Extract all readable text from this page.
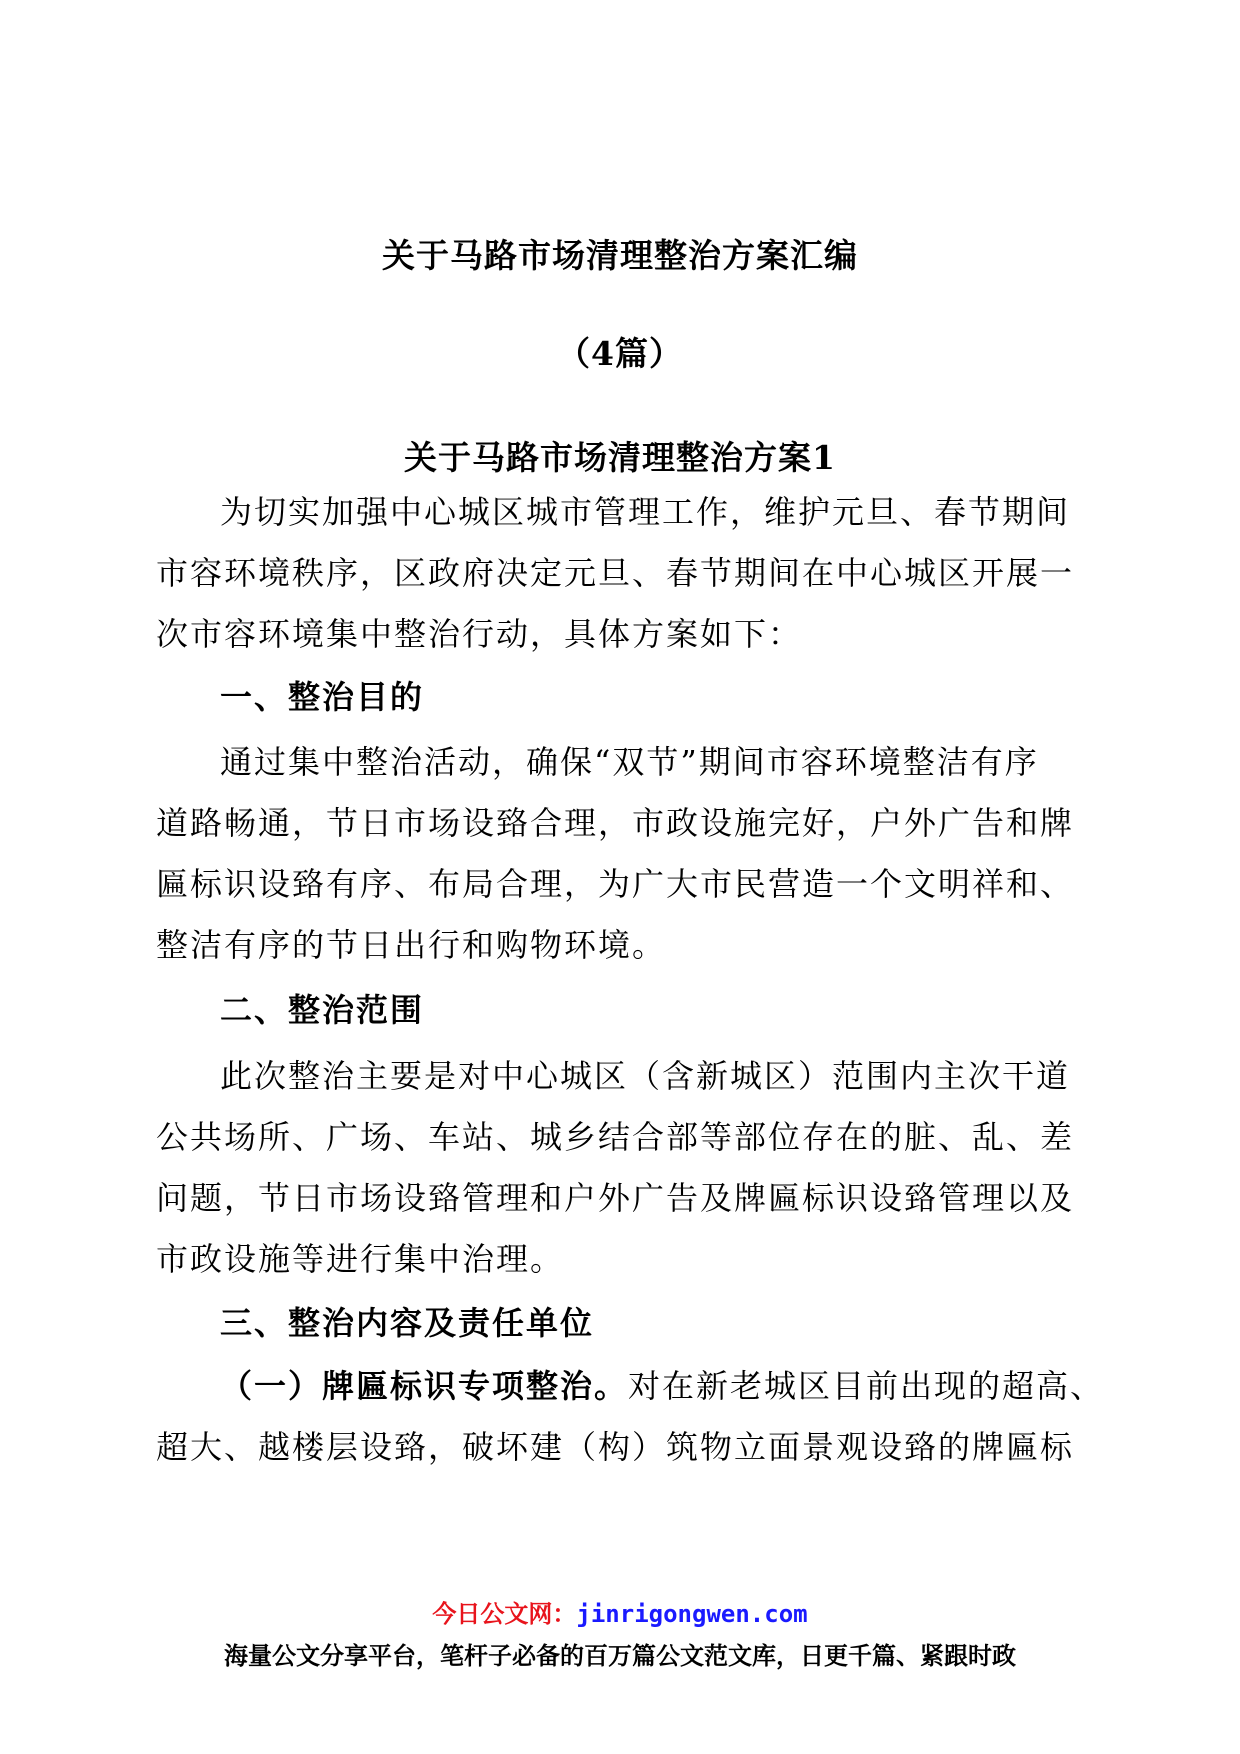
关于马路市场清理整治方案汇编
（4篇）
关于马路市场清理整治方案1
为切实加强中心城区城市管理工作，维护元旦、春节期间
市容环境秩序，区政府决定元旦、春节期间在中心城区开展一
次市容环境集中整治行动，具体方案如下：
一、整治目的
通过集中整治活动，确保“双节”期间市容环境整洁有序
道路畅通，节日市场设臵合理，市政设施完好，户外广告和牌
匾标识设臵有序、布局合理，为广大市民营造一个文明祥和、
整洁有序的节日出行和购物环境。
二、整治范围
此次整治主要是对中心城区（含新城区）范围内主次干道
公共场所、广场、车站、城乡结合部等部位存在的脏、乱、差
问题，节日市场设臵管理和户外广告及牌匾标识设臵管理以及
市政设施等进行集中治理。
三、整治内容及责任单位
（一）牌匾标识专项整治。对在新老城区目前出现的超高、
超大、越楼层设臵，破坏建（构）筑物立面景观设臵的牌匾标
今日公文网：jinrigongwen.com
海量公文分享平台，笔杆子必备的百万篇公文范文库，日更千篇、紧跟时政
